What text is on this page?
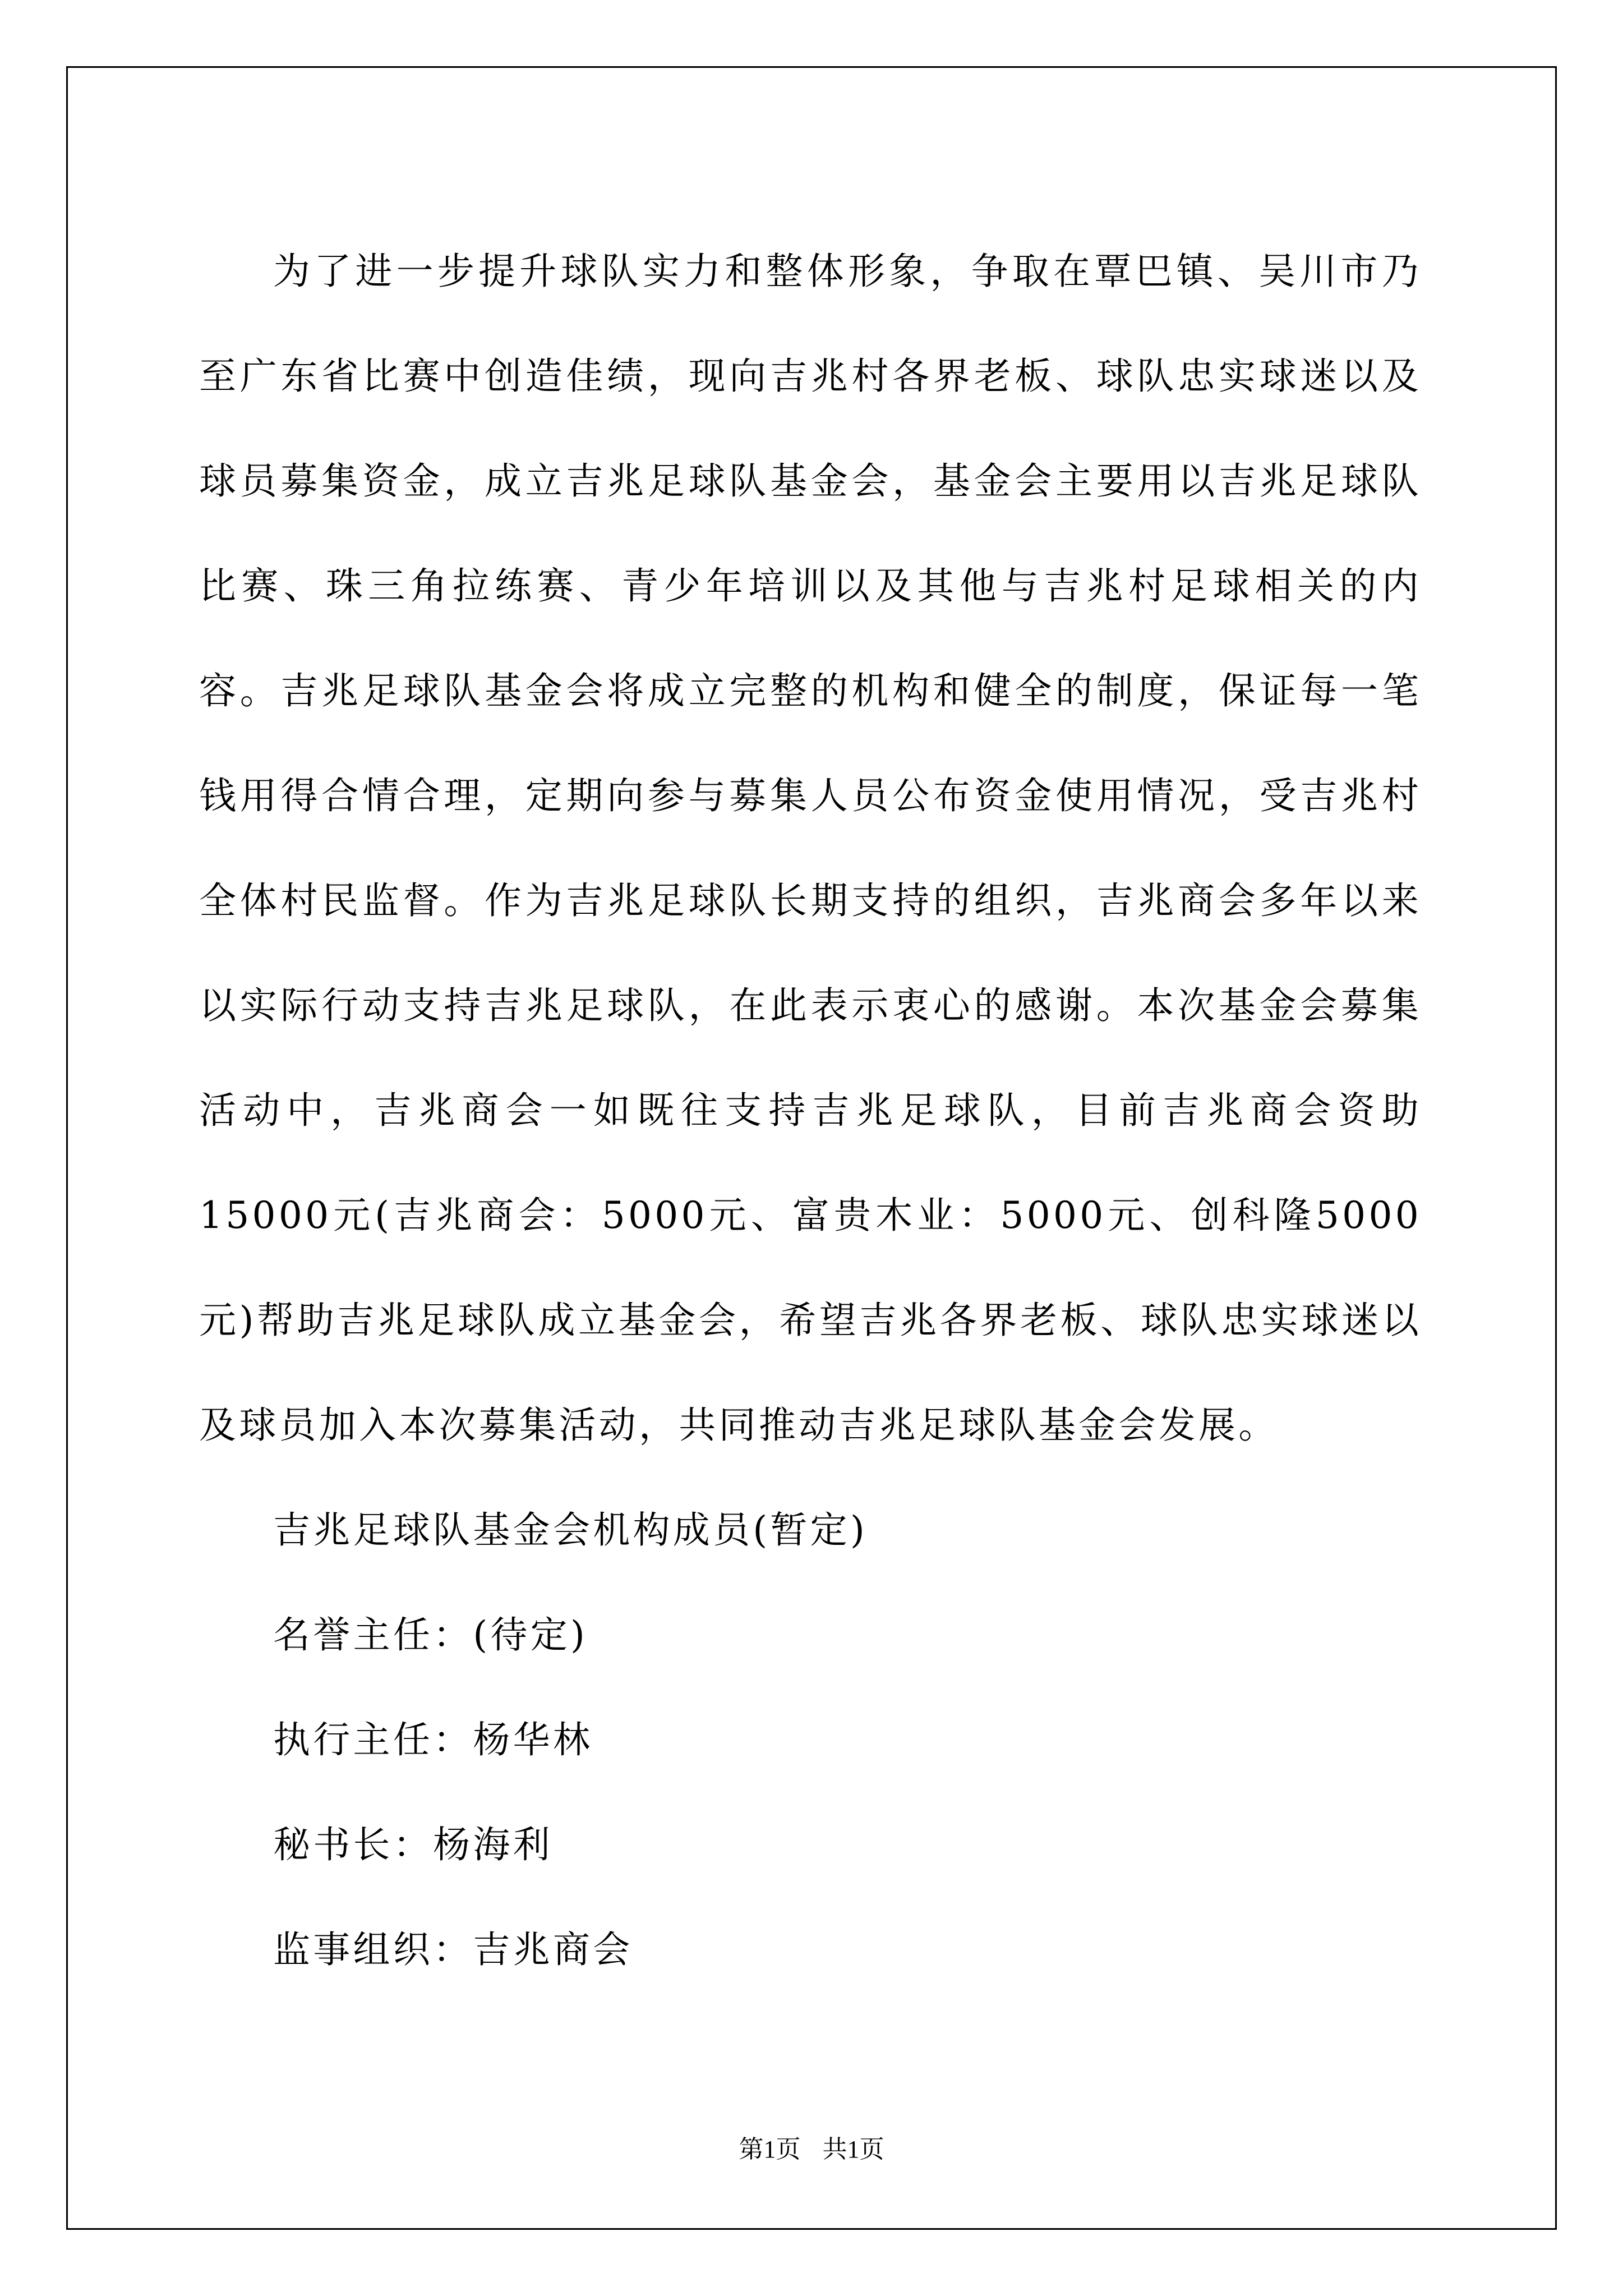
为了进一步提升球队实力和整体形象，争取在覃巴镇、吴川市乃至广东省比赛中创造佳绩，现向吉兆村各界老板、球队忠实球迷以及球员募集资金，成立吉兆足球队基金会，基金会主要用以吉兆足球队比赛、珠三角拉练赛、青少年培训以及其他与吉兆村足球相关的内容。吉兆足球队基金会将成立完整的机构和健全的制度，保证每一笔钱用得合情合理，定期向参与募集人员公布资金使用情况，受吉兆村全体村民监督。作为吉兆足球队长期支持的组织，吉兆商会多年以来以实际行动支持吉兆足球队，在此表示衷心的感谢。本次基金会募集活动中，吉兆商会一如既往支持吉兆足球队，目前吉兆商会资助15000元(吉兆商会：5000元、富贵木业：5000元、创科隆5000元)帮助吉兆足球队成立基金会，希望吉兆各界老板、球队忠实球迷以及球员加入本次募集活动，共同推动吉兆足球队基金会发展。

吉兆足球队基金会机构成员(暂定)

名誉主任：(待定)

执行主任：杨华林

秘书长：杨海利

监事组织：吉兆商会

第1页 共1页
